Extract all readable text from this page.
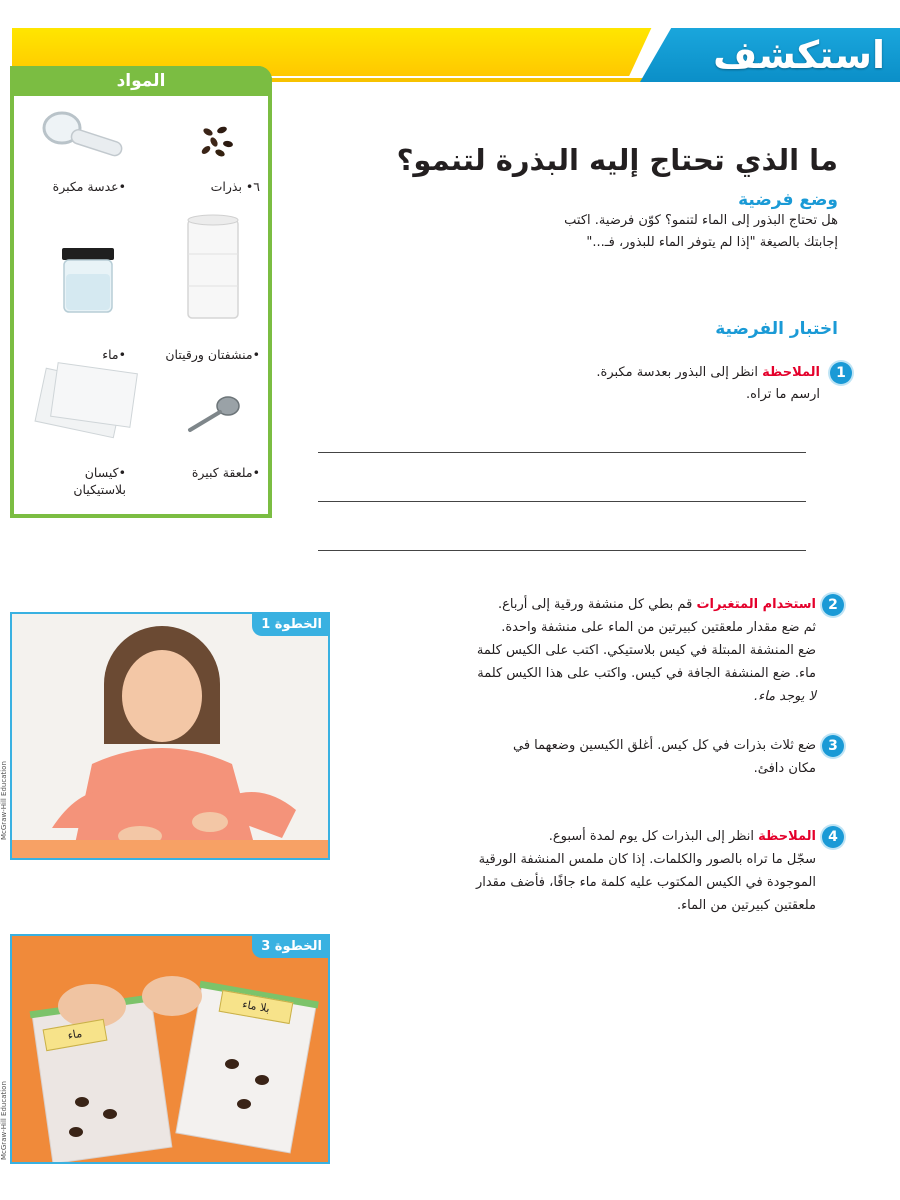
استكشف
المواد
٦• بذرات
•عدسة مكبرة
•منشفتان ورقيتان
•ماء
•ملعقة كبيرة
•كيسان بلاستيكيان
ما الذي تحتاج إليه البذرة لتنمو؟
وضع فرضية
هل تحتاج البذور إلى الماء لتنمو؟ كوّن فرضية. اكتب
إجابتك بالصيغة "إذا لم يتوفر الماء للبذور، فـ..."
اختبار الفرضية
1
الملاحظة انظر إلى البذور بعدسة مكبرة.
ارسم ما تراه.
2
استخدام المتغيرات قم بطي كل منشفة ورقية إلى أرباع.
ثم ضع مقدار ملعقتين كبيرتين من الماء على منشفة واحدة.
ضع المنشفة المبتلة في كيس بلاستيكي. اكتب على الكيس كلمة
ماء. ضع المنشفة الجافة في كيس. واكتب على هذا الكيس كلمة
لا يوجد ماء.
3
ضع ثلاث بذرات في كل كيس. أغلق الكيسين وضعهما في
مكان دافئ.
4
الملاحظة انظر إلى البذرات كل يوم لمدة أسبوع.
سجّل ما تراه بالصور والكلمات. إذا كان ملمس المنشفة الورقية
الموجودة في الكيس المكتوب عليه كلمة ماء جافًا، فأضف مقدار
ملعقتين كبيرتين من الماء.
الخطوة 1
ماء
بلا ماء
الخطوة 3
McGraw-Hill Education
McGraw-Hill Education
